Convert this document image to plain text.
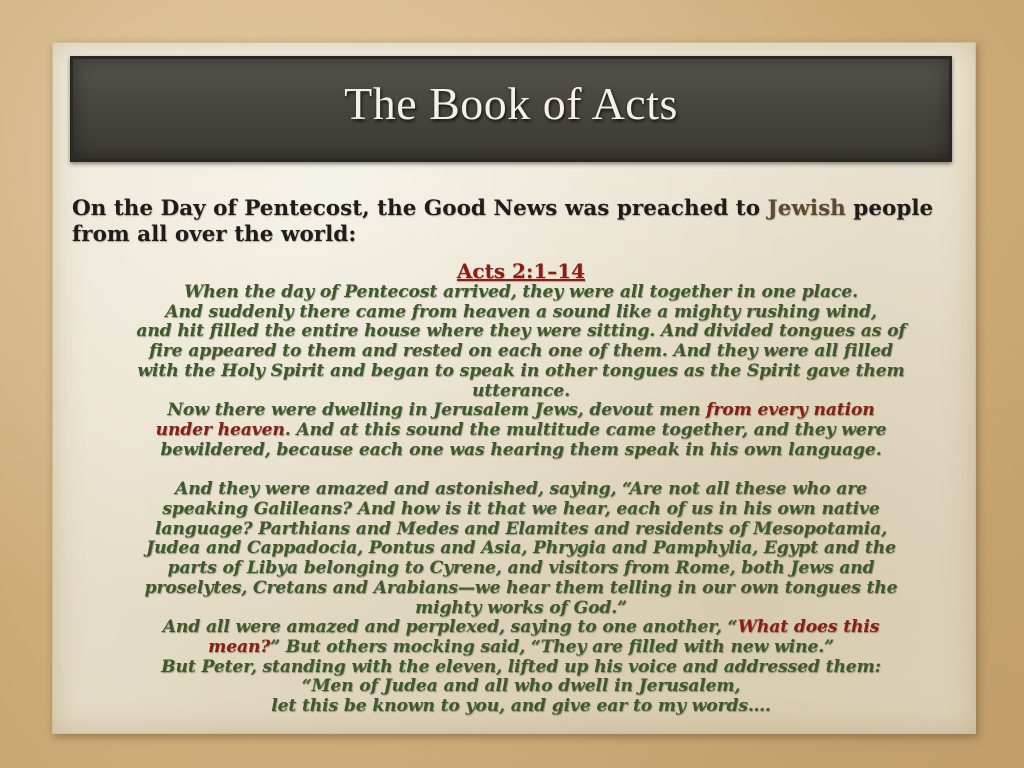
The Book of Acts
On the Day of Pentecost, the Good News was preached to Jewish people from all over the world:
Acts 2:1–14
When the day of Pentecost arrived, they were all together in one place.
And suddenly there came from heaven a sound like a mighty rushing wind,
and hit filled the entire house where they were sitting. And divided tongues as of
fire appeared to them and rested on each one of them. And they were all filled
with the Holy Spirit and began to speak in other tongues as the Spirit gave them
utterance.
Now there were dwelling in Jerusalem Jews, devout men from every nation
under heaven. And at this sound the multitude came together, and they were
bewildered, because each one was hearing them speak in his own language.
And they were amazed and astonished, saying, “Are not all these who are
speaking Galileans? And how is it that we hear, each of us in his own native
language? Parthians and Medes and Elamites and residents of Mesopotamia,
Judea and Cappadocia, Pontus and Asia, Phrygia and Pamphylia, Egypt and the
parts of Libya belonging to Cyrene, and visitors from Rome, both Jews and
proselytes, Cretans and Arabians—we hear them telling in our own tongues the
mighty works of God.”
And all were amazed and perplexed, saying to one another, “What does this
mean?” But others mocking said, “They are filled with new wine.”
But Peter, standing with the eleven, lifted up his voice and addressed them:
“Men of Judea and all who dwell in Jerusalem,
let this be known to you, and give ear to my words….
